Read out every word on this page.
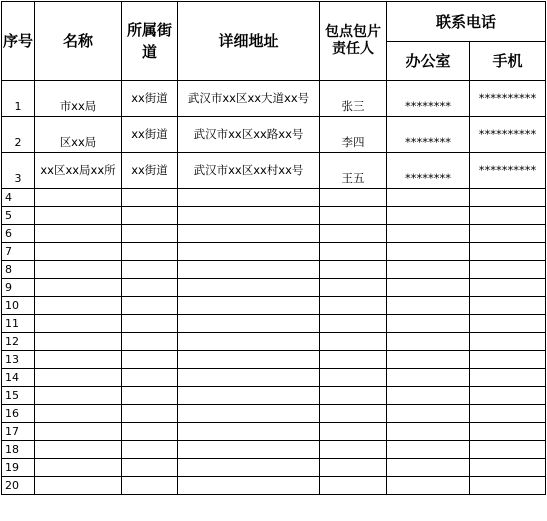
序号	名称	所属街道	详细地址	包点包片责任人	联系电话	
					办公室	手机
1	市xx局	xx街道	武汉市xx区xx大道xx号	张三	********	**********
2	区xx局	xx街道	武汉市xx区xx路xx号	李四	********	**********
3	xx区xx局xx所	xx街道	武汉市xx区xx村xx号	王五	********	**********
4						
5						
6						
7						
8						
9						
10						
11						
12						
13						
14						
15						
16						
17						
18						
19						
20						
